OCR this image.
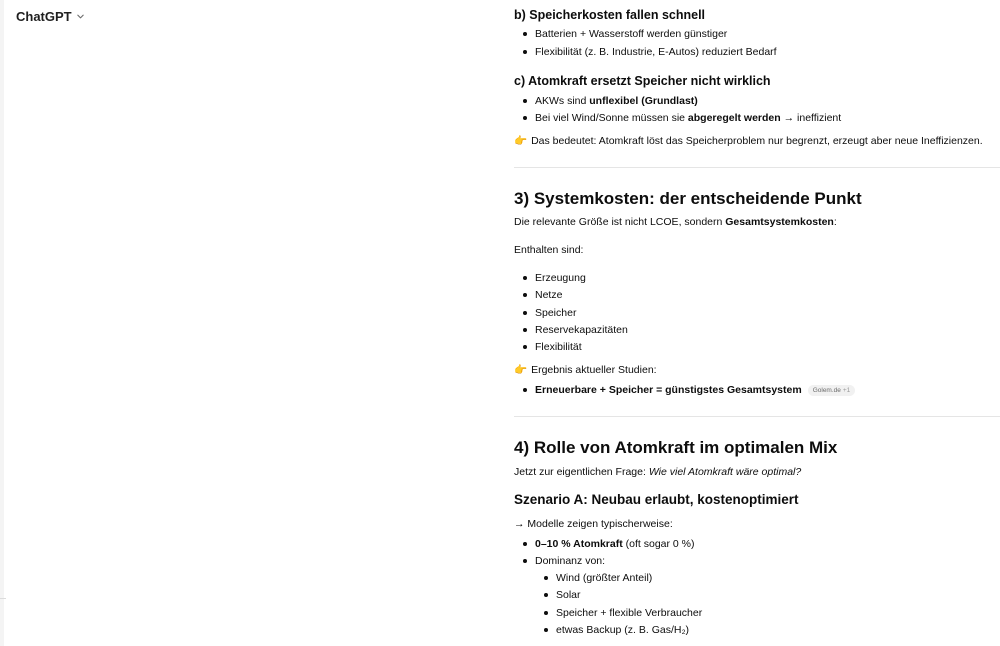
ChatGPT	b) Speicherkosten fallen schnell
Batterien + Wasserstoff werden günstiger
Flexibilität (z. B. Industrie, E-Autos) reduziert Bedarf
c) Atomkraft ersetzt Speicher nicht wirklich
AKWs sind unflexibel (Grundlast)
Bei viel Wind/Sonne müssen sie abgeregelt werden → ineffizient

👉 Das bedeutet: Atomkraft löst das Speicherproblem nur begrenzt, erzeugt aber neue Ineffizienzen.

3) Systemkosten: der entscheidende Punkt

Die relevante Größe ist nicht LCOE, sondern Gesamtsystemkosten:

Enthalten sind:

Erzeugung
Netze
Speicher
Reservekapazitäten
Flexibilität

👉 Ergebnis aktueller Studien:

Erneuerbare + Speicher = günstigstes Gesamtsystem Golem.de +1
4) Rolle von Atomkraft im optimalen Mix

Jetzt zur eigentlichen Frage: Wie viel Atomkraft wäre optimal?

Szenario A: Neubau erlaubt, kostenoptimiert

→ Modelle zeigen typischerweise:

0–10 % Atomkraft (oft sogar 0 %)
Dominanz von:
Wind (größter Anteil)
Solar
Speicher + flexible Verbraucher
etwas Backup (z. B. Gas/H₂)
